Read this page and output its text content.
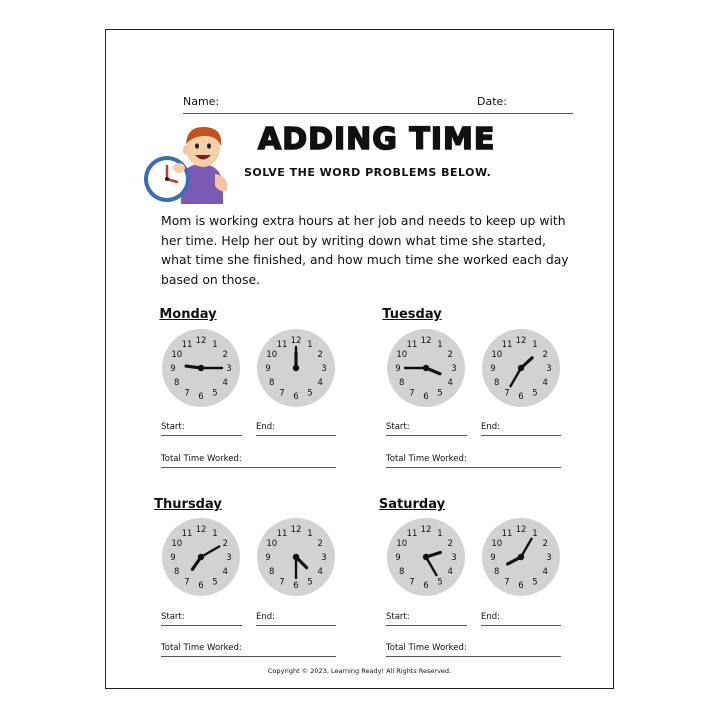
Name:	Date:
ADDING TIME
SOLVE THE WORD PROBLEMS BELOW.
Mom is working extra hours at her job and needs to keep up with her time. Help her out by writing down what time she started, what time she finished, and how much time she worked each day based on those.
Monday
12 1
2
3
4
5
6
7
8
9
10
11	12 1
2
3
4
5
6
7
8
9
10
11
Start:	End:
Total Time Worked:
Tuesday
12 1
2
3
4
5
6
7
8
9
10
11	12 1
2
3
4
5
6
7
8
9
10
11
Start:	End:
Total Time Worked:
Thursday
12 1
2
3
4
5
6
7
8
9
10
11	12 1
2
3
4
5
6
7
8
9
10
11
Start:	End:
Total Time Worked:
Saturday
12 1
2
3
4
5
6
7
8
9
10
11	12 1
2
3
4
5
6
7
8
9
10
11
Start:	End:
Total Time Worked:
Copyright © 2023, Learning Ready! All Rights Reserved.
